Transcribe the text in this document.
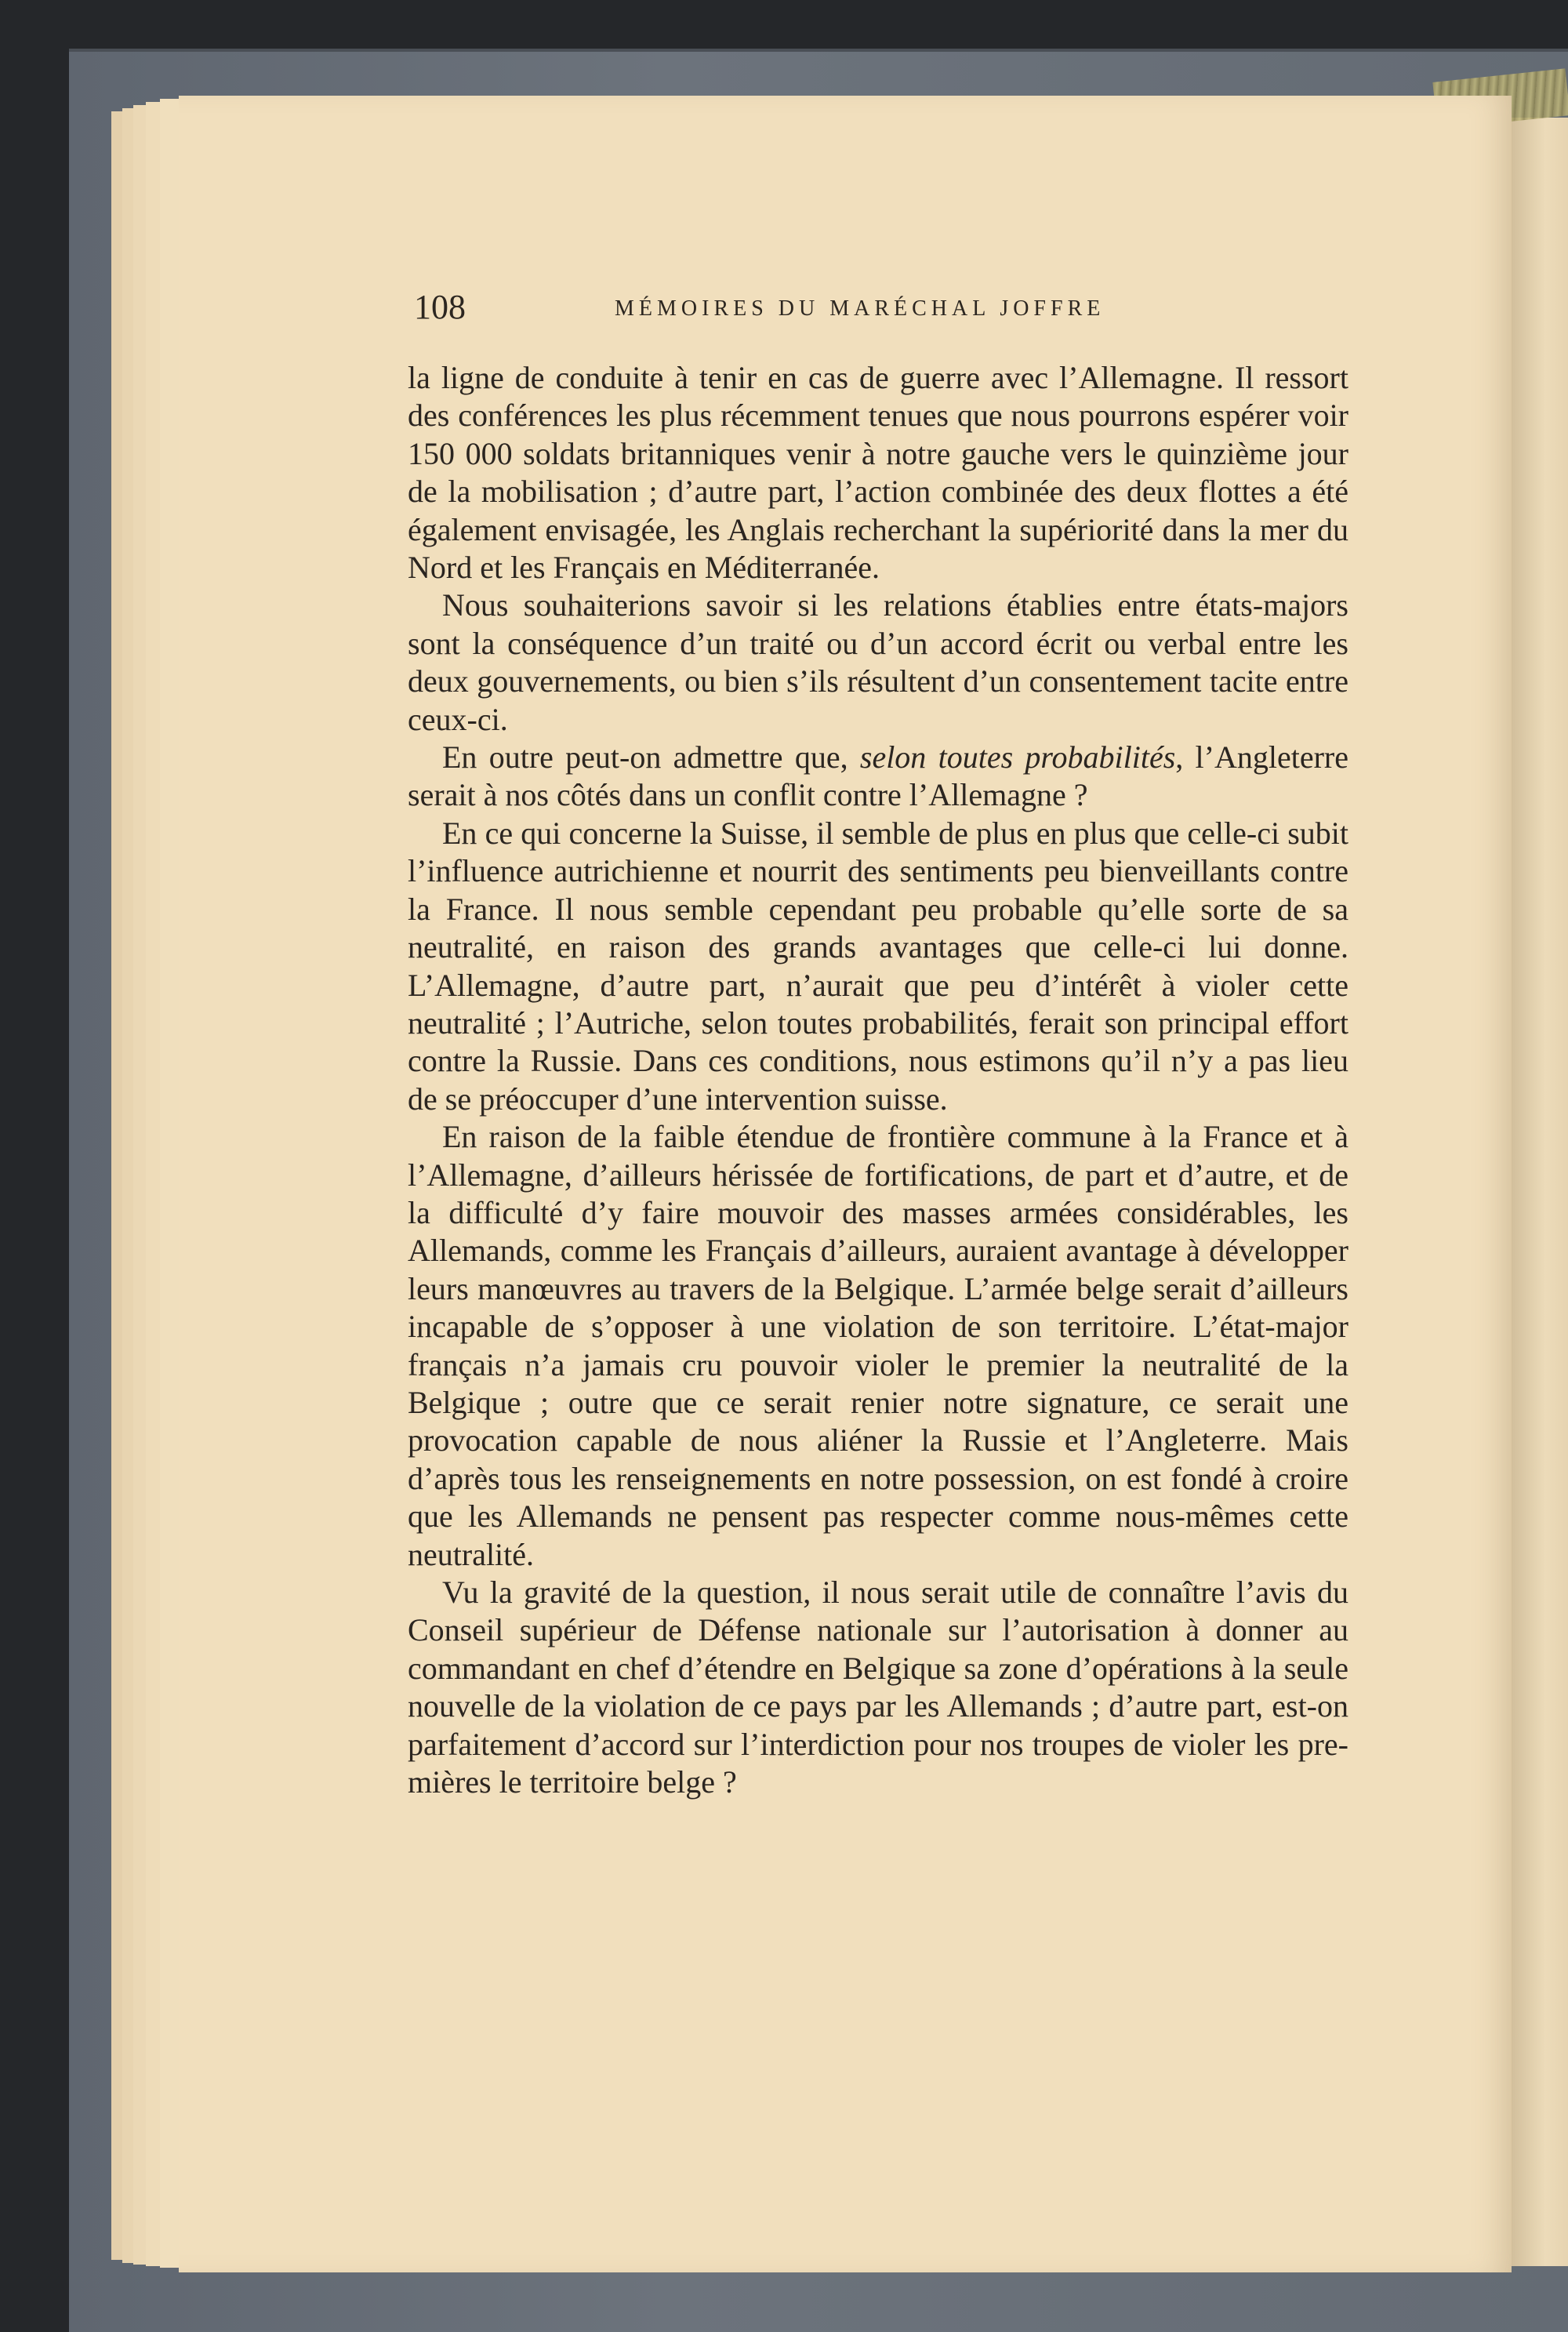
108	MÉMOIRES DU MARÉCHAL JOFFRE

la ligne de conduite à tenir en cas de guerre avec l’Allemagne. Il ressort des conférences les plus récemment tenues que nous pourrons espérer voir 150 000 soldats britanniques venir à notre gauche vers le quinzième jour de la mobilisation ; d’autre part, l’action combinée des deux flottes a été également envisagée, les Anglais recherchant la supériorité dans la mer du Nord et les Français en Méditerranée.

Nous souhaiterions savoir si les relations établies entre états-majors sont la conséquence d’un traité ou d’un accord écrit ou verbal entre les deux gouvernements, ou bien s’ils résultent d’un consentement tacite entre ceux-ci.

En outre peut-on admettre que, selon toutes probabilités, l’Angleterre serait à nos côtés dans un conflit contre l’Allemagne ?

En ce qui concerne la Suisse, il semble de plus en plus que celle-ci subit l’influence autrichienne et nourrit des sentiments peu bienveillants contre la France. Il nous semble cependant peu probable qu’elle sorte de sa neutralité, en raison des grands avantages que celle-ci lui donne. L’Allemagne, d’autre part, n’aurait que peu d’intérêt à violer cette neutralité ; l’Autriche, selon toutes probabilités, ferait son principal effort contre la Russie. Dans ces conditions, nous estimons qu’il n’y a pas lieu de se préoccuper d’une intervention suisse.

En raison de la faible étendue de frontière commune à la France et à l’Allemagne, d’ailleurs hérissée de fortifications, de part et d’autre, et de la difficulté d’y faire mouvoir des masses armées considérables, les Allemands, comme les Français d’ailleurs, auraient avantage à développer leurs manœuvres au travers de la Belgique. L’armée belge serait d’ailleurs incapable de s’opposer à une violation de son territoire. L’état-major français n’a jamais cru pouvoir violer le premier la neutralité de la Belgique ; outre que ce serait renier notre signature, ce serait une provocation capable de nous aliéner la Russie et l’Angleterre. Mais d’après tous les renseignements en notre possession, on est fondé à croire que les Allemands ne pensent pas respecter comme nous-mêmes cette neutralité.

Vu la gravité de la question, il nous serait utile de connaître l’avis du Conseil supérieur de Défense nationale sur l’autorisation à donner au commandant en chef d’étendre en Belgique sa zone d’opérations à la seule nouvelle de la violation de ce pays par les Allemands ; d’autre part, est-on parfaitement d’accord sur l’interdiction pour nos troupes de violer les premières le territoire belge ?
